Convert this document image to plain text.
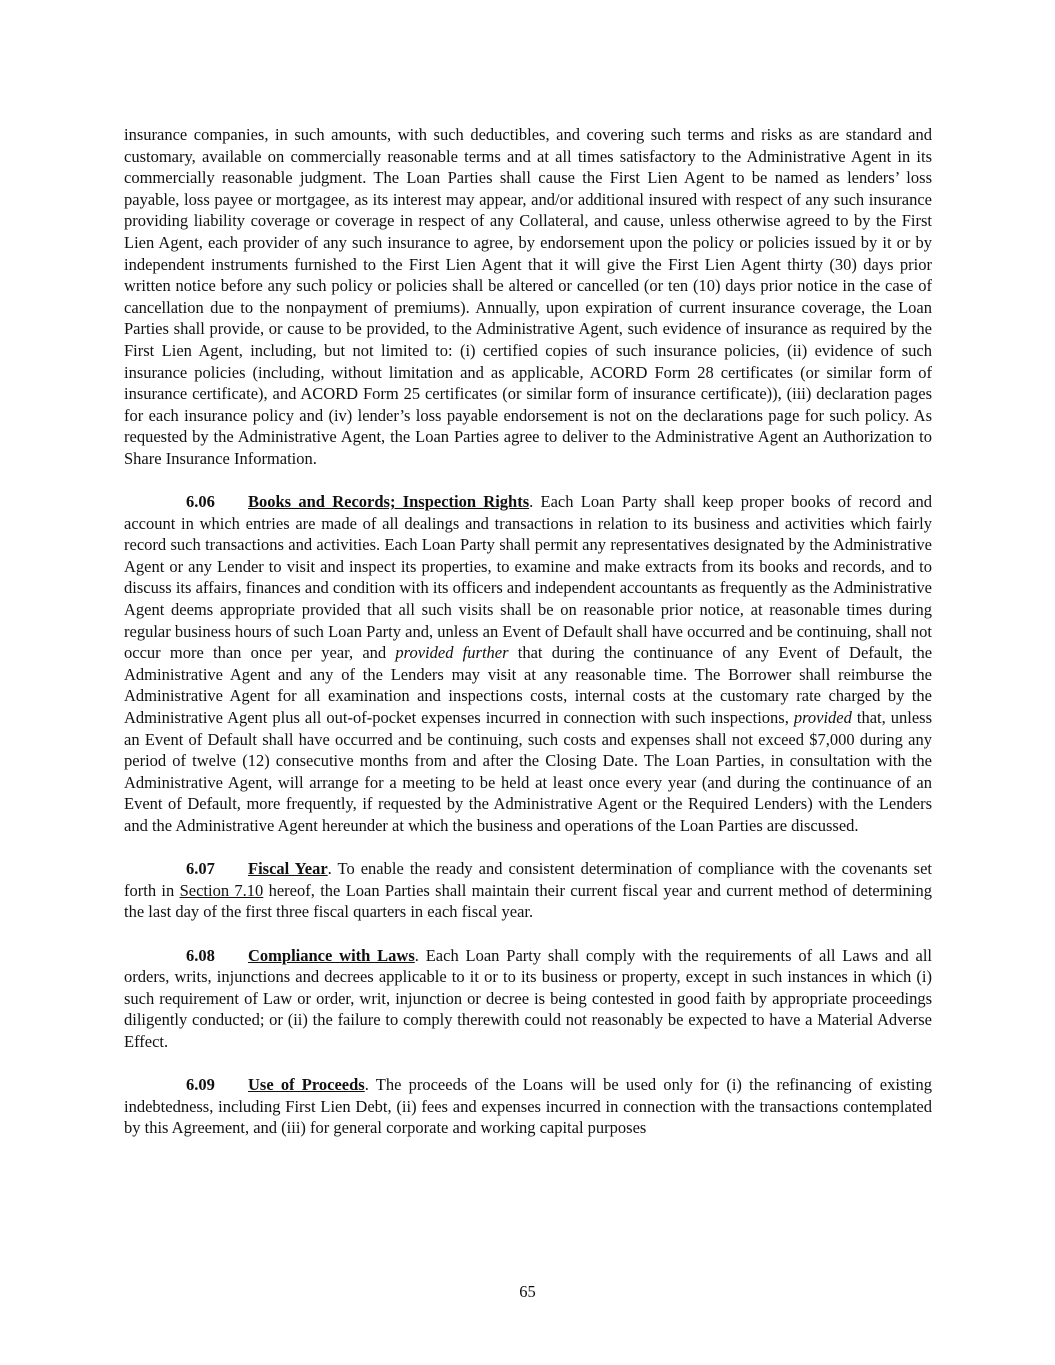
insurance companies, in such amounts, with such deductibles, and covering such terms and risks as are standard and customary, available on commercially reasonable terms and at all times satisfactory to the Administrative Agent in its commercially reasonable judgment. The Loan Parties shall cause the First Lien Agent to be named as lenders’ loss payable, loss payee or mortgagee, as its interest may appear, and/or additional insured with respect of any such insurance providing liability coverage or coverage in respect of any Collateral, and cause, unless otherwise agreed to by the First Lien Agent, each provider of any such insurance to agree, by endorsement upon the policy or policies issued by it or by independent instruments furnished to the First Lien Agent that it will give the First Lien Agent thirty (30) days prior written notice before any such policy or policies shall be altered or cancelled (or ten (10) days prior notice in the case of cancellation due to the nonpayment of premiums). Annually, upon expiration of current insurance coverage, the Loan Parties shall provide, or cause to be provided, to the Administrative Agent, such evidence of insurance as required by the First Lien Agent, including, but not limited to: (i) certified copies of such insurance policies, (ii) evidence of such insurance policies (including, without limitation and as applicable, ACORD Form 28 certificates (or similar form of insurance certificate), and ACORD Form 25 certificates (or similar form of insurance certificate)), (iii) declaration pages for each insurance policy and (iv) lender’s loss payable endorsement is not on the declarations page for such policy. As requested by the Administrative Agent, the Loan Parties agree to deliver to the Administrative Agent an Authorization to Share Insurance Information.

6.06 Books and Records; Inspection Rights. Each Loan Party shall keep proper books of record and account in which entries are made of all dealings and transactions in relation to its business and activities which fairly record such transactions and activities. Each Loan Party shall permit any representatives designated by the Administrative Agent or any Lender to visit and inspect its properties, to examine and make extracts from its books and records, and to discuss its affairs, finances and condition with its officers and independent accountants as frequently as the Administrative Agent deems appropriate provided that all such visits shall be on reasonable prior notice, at reasonable times during regular business hours of such Loan Party and, unless an Event of Default shall have occurred and be continuing, shall not occur more than once per year, and provided further that during the continuance of any Event of Default, the Administrative Agent and any of the Lenders may visit at any reasonable time. The Borrower shall reimburse the Administrative Agent for all examination and inspections costs, internal costs at the customary rate charged by the Administrative Agent plus all out-of-pocket expenses incurred in connection with such inspections, provided that, unless an Event of Default shall have occurred and be continuing, such costs and expenses shall not exceed $7,000 during any period of twelve (12) consecutive months from and after the Closing Date. The Loan Parties, in consultation with the Administrative Agent, will arrange for a meeting to be held at least once every year (and during the continuance of an Event of Default, more frequently, if requested by the Administrative Agent or the Required Lenders) with the Lenders and the Administrative Agent hereunder at which the business and operations of the Loan Parties are discussed.

6.07 Fiscal Year. To enable the ready and consistent determination of compliance with the covenants set forth in Section 7.10 hereof, the Loan Parties shall maintain their current fiscal year and current method of determining the last day of the first three fiscal quarters in each fiscal year.

6.08 Compliance with Laws. Each Loan Party shall comply with the requirements of all Laws and all orders, writs, injunctions and decrees applicable to it or to its business or property, except in such instances in which (i) such requirement of Law or order, writ, injunction or decree is being contested in good faith by appropriate proceedings diligently conducted; or (ii) the failure to comply therewith could not reasonably be expected to have a Material Adverse Effect.

6.09 Use of Proceeds. The proceeds of the Loans will be used only for (i) the refinancing of existing indebtedness, including First Lien Debt, (ii) fees and expenses incurred in connection with the transactions contemplated by this Agreement, and (iii) for general corporate and working capital purposes

65
